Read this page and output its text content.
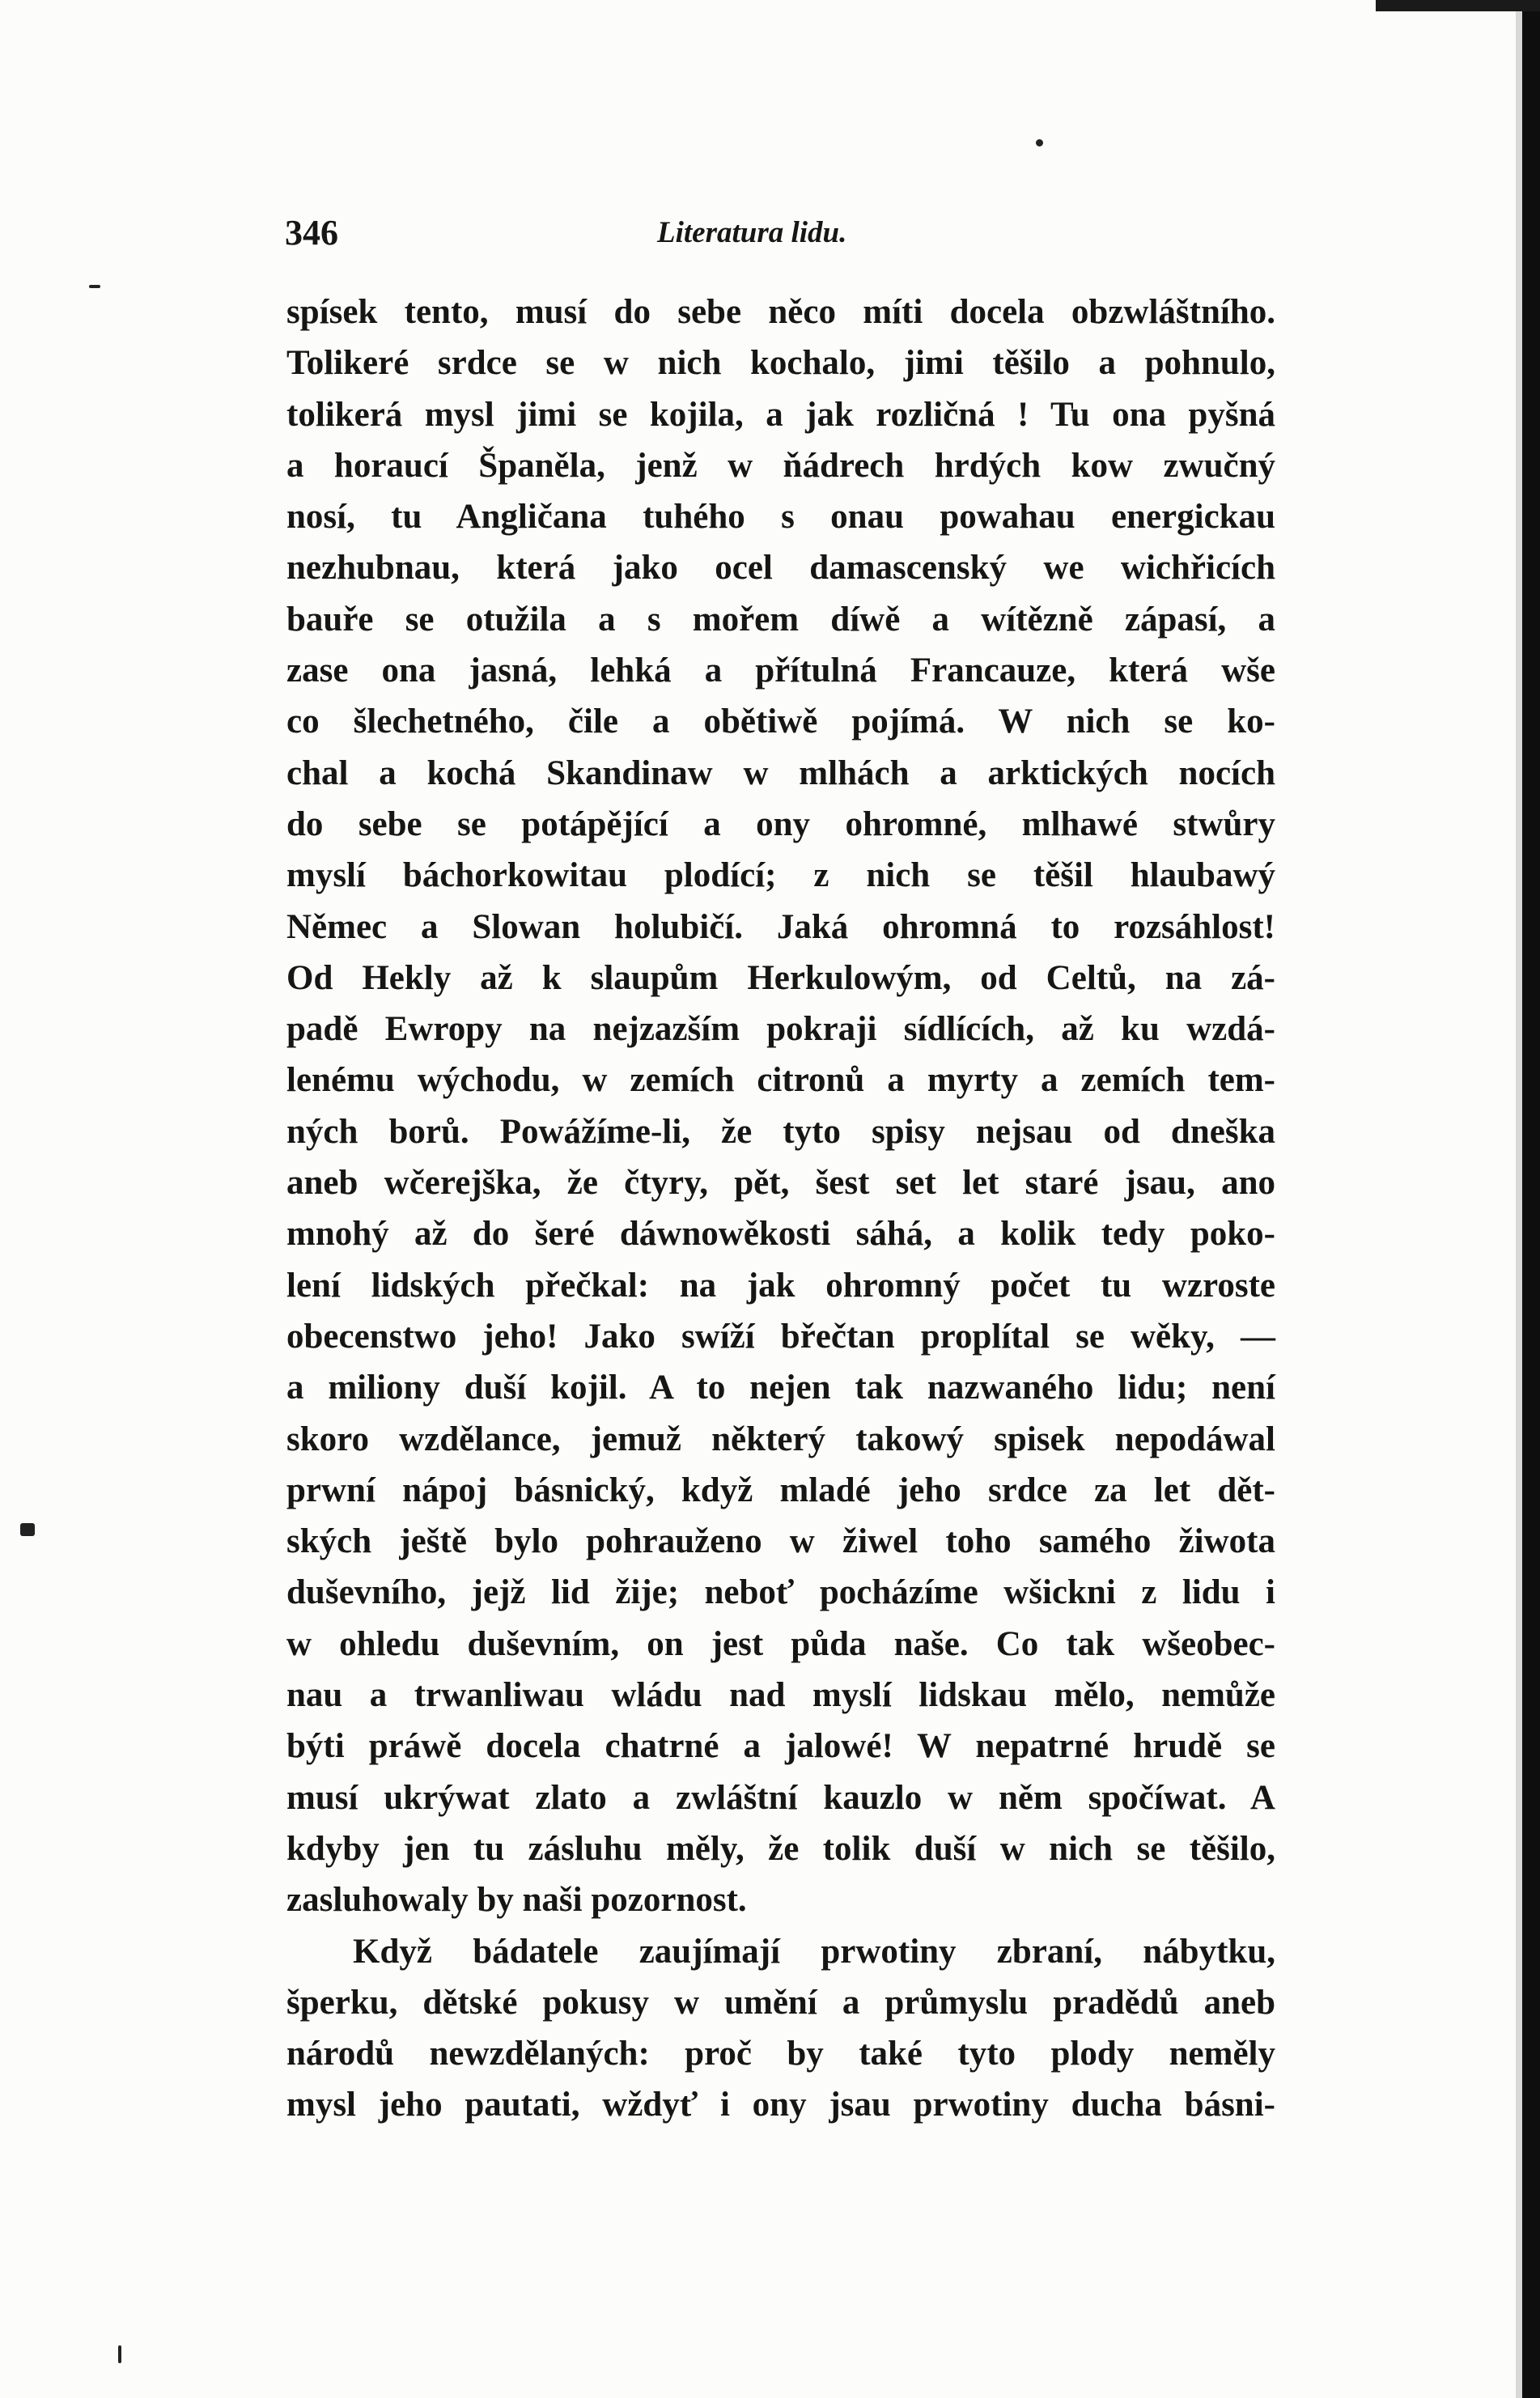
346	Literatura lidu.
spísek tento, musí do sebe něco míti docela obzwláštního.
Tolikeré srdce se w nich kochalo, jimi těšilo a pohnulo,
tolikerá mysl jimi se kojila, a jak rozličná ! Tu ona pyšná
a horaucí Španěla, jenž w ňádrech hrdých kow zwučný
nosí, tu Angličana tuhého s onau powahau energickau
nezhubnau, která jako ocel damascenský we wichřicích
bauře se otužila a s mořem díwě a wítězně zápasí, a
zase ona jasná, lehká a přítulná Francauze, která wše
co šlechetného, čile a obětiwě pojímá. W nich se ko-
chal a kochá Skandinaw w mlhách a arktických nocích
do sebe se potápějící a ony ohromné, mlhawé stwůry
myslí báchorkowitau plodící; z nich se těšil hlaubawý
Němec a Slowan holubičí. Jaká ohromná to rozsáhlost!
Od Hekly až k slaupům Herkulowým, od Celtů, na zá-
padě Ewropy na nejzazším pokraji sídlících, až ku wzdá-
lenému wýchodu, w zemích citronů a myrty a zemích tem-
ných borů. Powážíme-li, že tyto spisy nejsau od dneška
aneb wčerejška, že čtyry, pět, šest set let staré jsau, ano
mnohý až do šeré dáwnowěkosti sáhá, a kolik tedy poko-
lení lidských přečkal: na jak ohromný počet tu wzroste
obecenstwo jeho! Jako swíží břečtan proplítal se wěky, —
a miliony duší kojil. A to nejen tak nazwaného lidu; není
skoro wzdělance, jemuž některý takowý spisek nepodáwal
prwní nápoj básnický, když mladé jeho srdce za let dět-
ských ještě bylo pohrauženo w žiwel toho samého žiwota
duševního, jejž lid žije; neboť pocházíme wšickni z lidu i
w ohledu duševním, on jest půda naše. Co tak wšeobec-
nau a trwanliwau wládu nad myslí lidskau mělo, nemůže
býti práwě docela chatrné a jalowé! W nepatrné hrudě se
musí ukrýwat zlato a zwláštní kauzlo w něm spočíwat. A
kdyby jen tu zásluhu měly, že tolik duší w nich se těšilo,
zasluhowaly by naši pozornost.
Když bádatele zaujímají prwotiny zbraní, nábytku,
šperku, dětské pokusy w umění a průmyslu pradědů aneb
národů newzdělaných: proč by také tyto plody neměly
mysl jeho pautati, wždyť i ony jsau prwotiny ducha básni-
